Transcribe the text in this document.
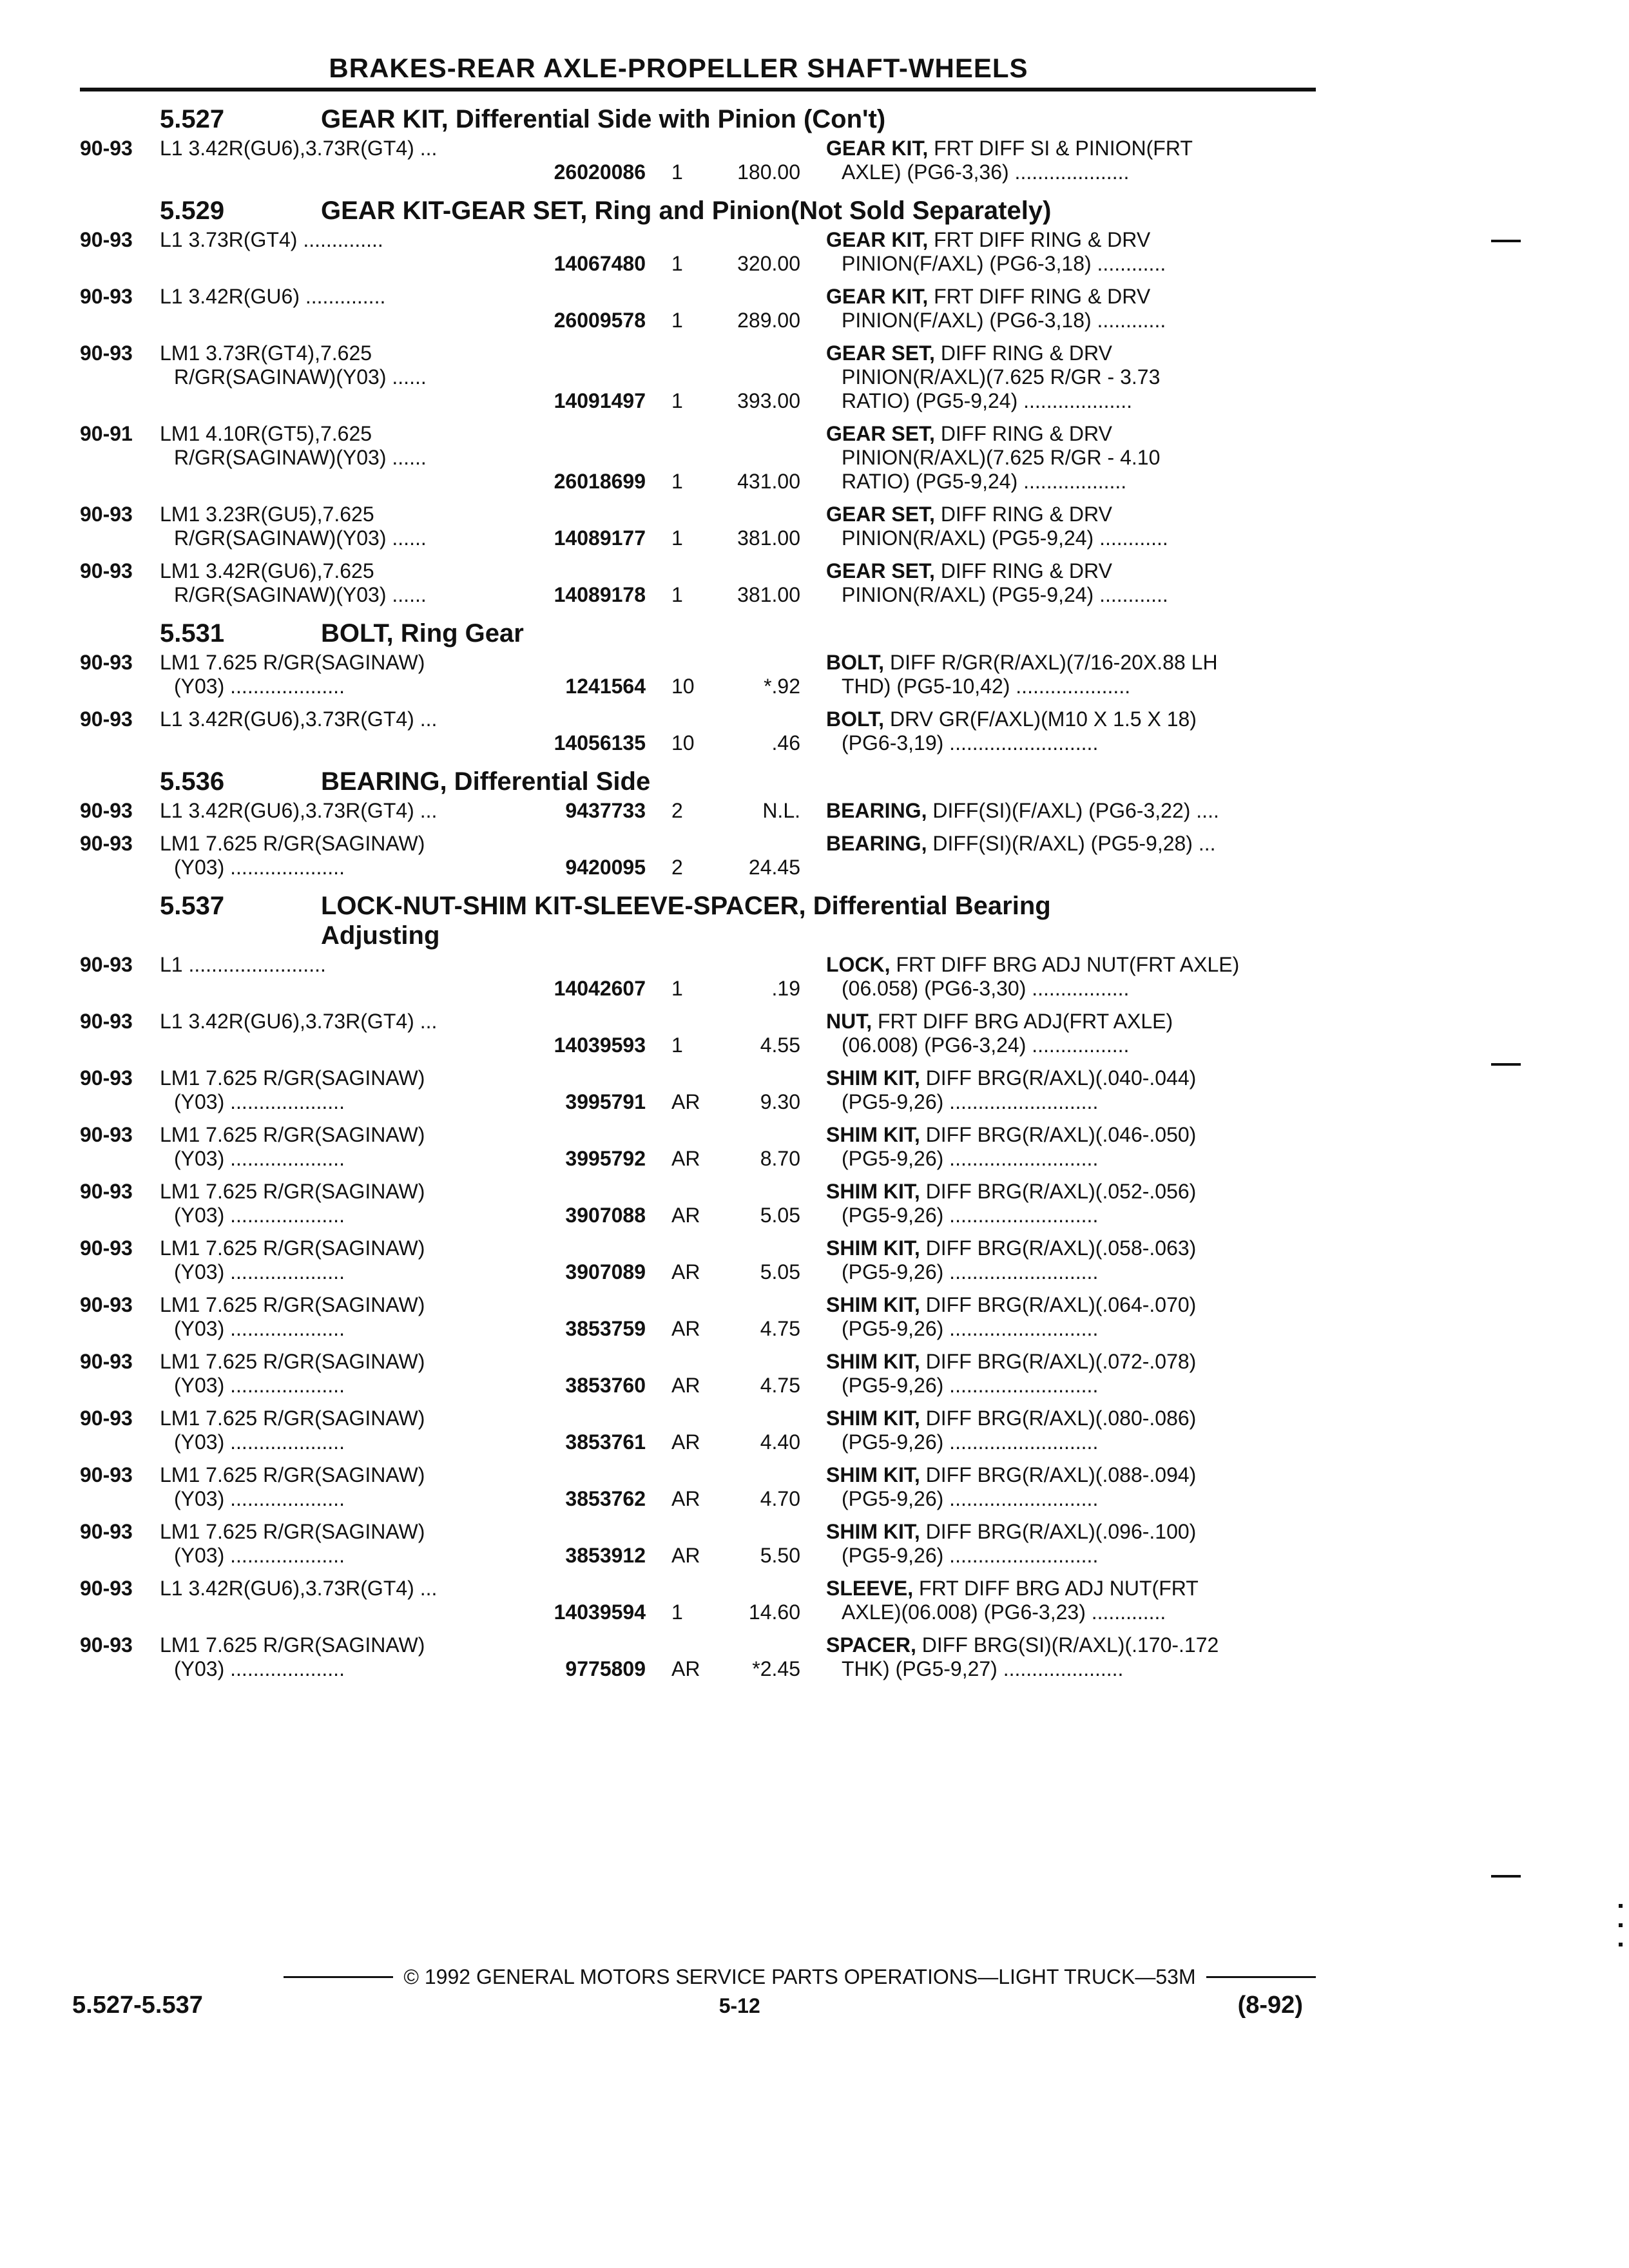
BRAKES-REAR AXLE-PROPELLER SHAFT-WHEELS
5.527	GEAR KIT, Differential Side with Pinion (Con't)
90-93	L1 3.42R(GU6),3.73R(GT4) ...
26020086	1	180.00
GEAR KIT, FRT DIFF SI & PINION(FRT
AXLE) (PG6-3,36) ....................
5.529	GEAR KIT-GEAR SET, Ring and Pinion(Not Sold Separately)
90-93	L1 3.73R(GT4) ..............
14067480	1	320.00
GEAR KIT, FRT DIFF RING & DRV
PINION(F/AXL) (PG6-3,18) ............
90-93	L1 3.42R(GU6) ..............
26009578	1	289.00
GEAR KIT, FRT DIFF RING & DRV
PINION(F/AXL) (PG6-3,18) ............
90-93	LM1 3.73R(GT4),7.625
R/GR(SAGINAW)(Y03) ......
14091497	1	393.00
GEAR SET, DIFF RING & DRV
PINION(R/AXL)(7.625 R/GR - 3.73
RATIO) (PG5-9,24) ...................
90-91	LM1 4.10R(GT5),7.625
R/GR(SAGINAW)(Y03) ......
26018699	1	431.00
GEAR SET, DIFF RING & DRV
PINION(R/AXL)(7.625 R/GR - 4.10
RATIO) (PG5-9,24) ..................
90-93	LM1 3.23R(GU5),7.625
R/GR(SAGINAW)(Y03) ......	14089177	1	381.00
GEAR SET, DIFF RING & DRV
PINION(R/AXL) (PG5-9,24) ............
90-93	LM1 3.42R(GU6),7.625
R/GR(SAGINAW)(Y03) ......	14089178	1	381.00
GEAR SET, DIFF RING & DRV
PINION(R/AXL) (PG5-9,24) ............
5.531	BOLT, Ring Gear
90-93	LM1 7.625 R/GR(SAGINAW)
(Y03) ....................	1241564	10	*.92
BOLT, DIFF R/GR(R/AXL)(7/16-20X.88 LH
THD) (PG5-10,42) ....................
90-93	L1 3.42R(GU6),3.73R(GT4) ...
14056135	10	.46
BOLT, DRV GR(F/AXL)(M10 X 1.5 X 18)
(PG6-3,19) ..........................
5.536	BEARING, Differential Side
90-93	L1 3.42R(GU6),3.73R(GT4) ...	9437733	2	N.L.	BEARING, DIFF(SI)(F/AXL) (PG6-3,22) ....
90-93	LM1 7.625 R/GR(SAGINAW)
(Y03) ....................	9420095	2	24.45
BEARING, DIFF(SI)(R/AXL) (PG5-9,28) ...
5.537	LOCK-NUT-SHIM KIT-SLEEVE-SPACER, Differential Bearing
Adjusting
90-93	L1 ........................
14042607	1	.19
LOCK, FRT DIFF BRG ADJ NUT(FRT AXLE)
(06.058) (PG6-3,30) .................
90-93	L1 3.42R(GU6),3.73R(GT4) ...
14039593	1	4.55
NUT, FRT DIFF BRG ADJ(FRT AXLE)
(06.008) (PG6-3,24) .................
90-93	LM1 7.625 R/GR(SAGINAW)
(Y03) ....................	3995791	AR	9.30
SHIM KIT, DIFF BRG(R/AXL)(.040-.044)
(PG5-9,26) ..........................
90-93	LM1 7.625 R/GR(SAGINAW)
(Y03) ....................	3995792	AR	8.70
SHIM KIT, DIFF BRG(R/AXL)(.046-.050)
(PG5-9,26) ..........................
90-93	LM1 7.625 R/GR(SAGINAW)
(Y03) ....................	3907088	AR	5.05
SHIM KIT, DIFF BRG(R/AXL)(.052-.056)
(PG5-9,26) ..........................
90-93	LM1 7.625 R/GR(SAGINAW)
(Y03) ....................	3907089	AR	5.05
SHIM KIT, DIFF BRG(R/AXL)(.058-.063)
(PG5-9,26) ..........................
90-93	LM1 7.625 R/GR(SAGINAW)
(Y03) ....................	3853759	AR	4.75
SHIM KIT, DIFF BRG(R/AXL)(.064-.070)
(PG5-9,26) ..........................
90-93	LM1 7.625 R/GR(SAGINAW)
(Y03) ....................	3853760	AR	4.75
SHIM KIT, DIFF BRG(R/AXL)(.072-.078)
(PG5-9,26) ..........................
90-93	LM1 7.625 R/GR(SAGINAW)
(Y03) ....................	3853761	AR	4.40
SHIM KIT, DIFF BRG(R/AXL)(.080-.086)
(PG5-9,26) ..........................
90-93	LM1 7.625 R/GR(SAGINAW)
(Y03) ....................	3853762	AR	4.70
SHIM KIT, DIFF BRG(R/AXL)(.088-.094)
(PG5-9,26) ..........................
90-93	LM1 7.625 R/GR(SAGINAW)
(Y03) ....................	3853912	AR	5.50
SHIM KIT, DIFF BRG(R/AXL)(.096-.100)
(PG5-9,26) ..........................
90-93	L1 3.42R(GU6),3.73R(GT4) ...
14039594	1	14.60
SLEEVE, FRT DIFF BRG ADJ NUT(FRT
AXLE)(06.008) (PG6-3,23) .............
90-93	LM1 7.625 R/GR(SAGINAW)
(Y03) ....................	9775809	AR	*2.45
SPACER, DIFF BRG(SI)(R/AXL)(.170-.172
THK) (PG5-9,27) .....................
© 1992 GENERAL MOTORS SERVICE PARTS OPERATIONS—LIGHT TRUCK—53M
5.527-5.537	5-12	(8-92)
